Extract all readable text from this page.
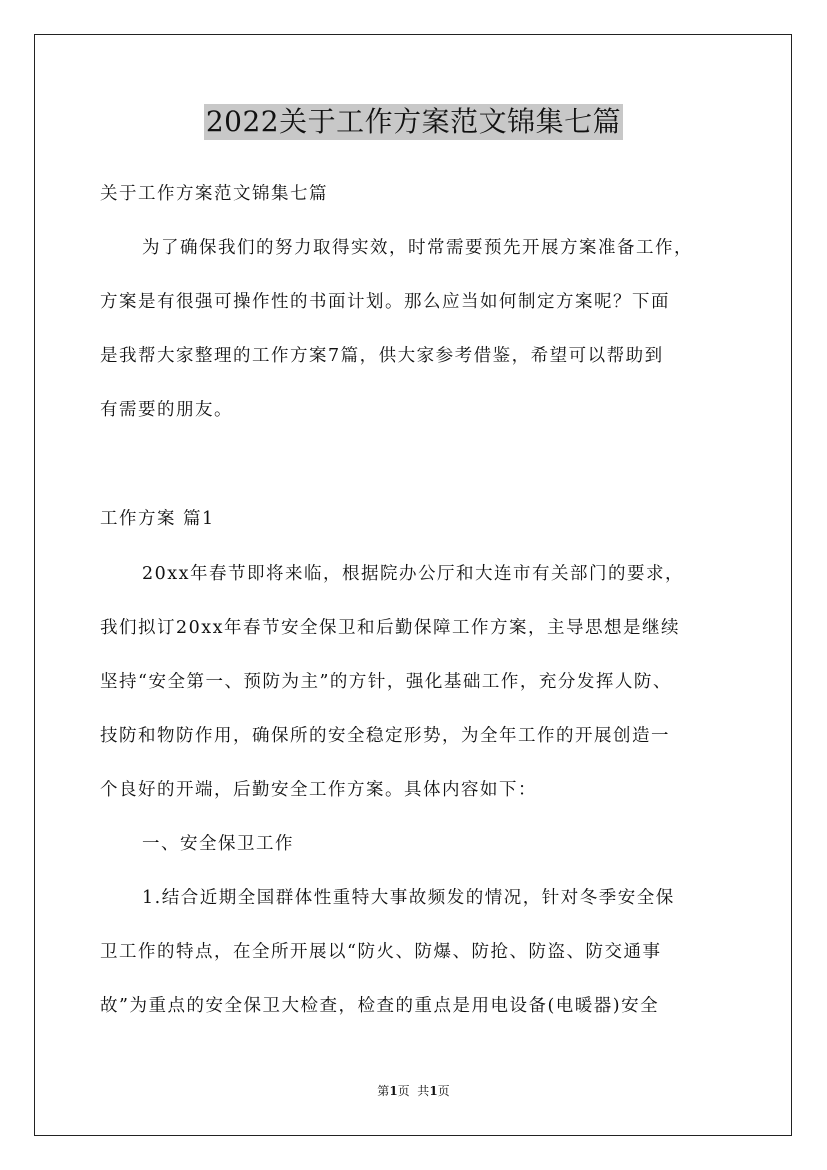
2022关于工作方案范文锦集七篇
关于工作方案范文锦集七篇
为了确保我们的努力取得实效，时常需要预先开展方案准备工作，
方案是有很强可操作性的书面计划。那么应当如何制定方案呢？下面
是我帮大家整理的工作方案7篇，供大家参考借鉴，希望可以帮助到
有需要的朋友。
工作方案 篇1
20xx年春节即将来临，根据院办公厅和大连市有关部门的要求，
我们拟订20xx年春节安全保卫和后勤保障工作方案，主导思想是继续
坚持“安全第一、预防为主”的方针，强化基础工作，充分发挥人防、
技防和物防作用，确保所的安全稳定形势，为全年工作的开展创造一
个良好的开端，后勤安全工作方案。具体内容如下：
一、安全保卫工作
1.结合近期全国群体性重特大事故频发的情况，针对冬季安全保
卫工作的特点，在全所开展以“防火、防爆、防抢、防盗、防交通事
故”为重点的安全保卫大检查，检查的重点是用电设备(电暖器)安全
第1页  共1页
